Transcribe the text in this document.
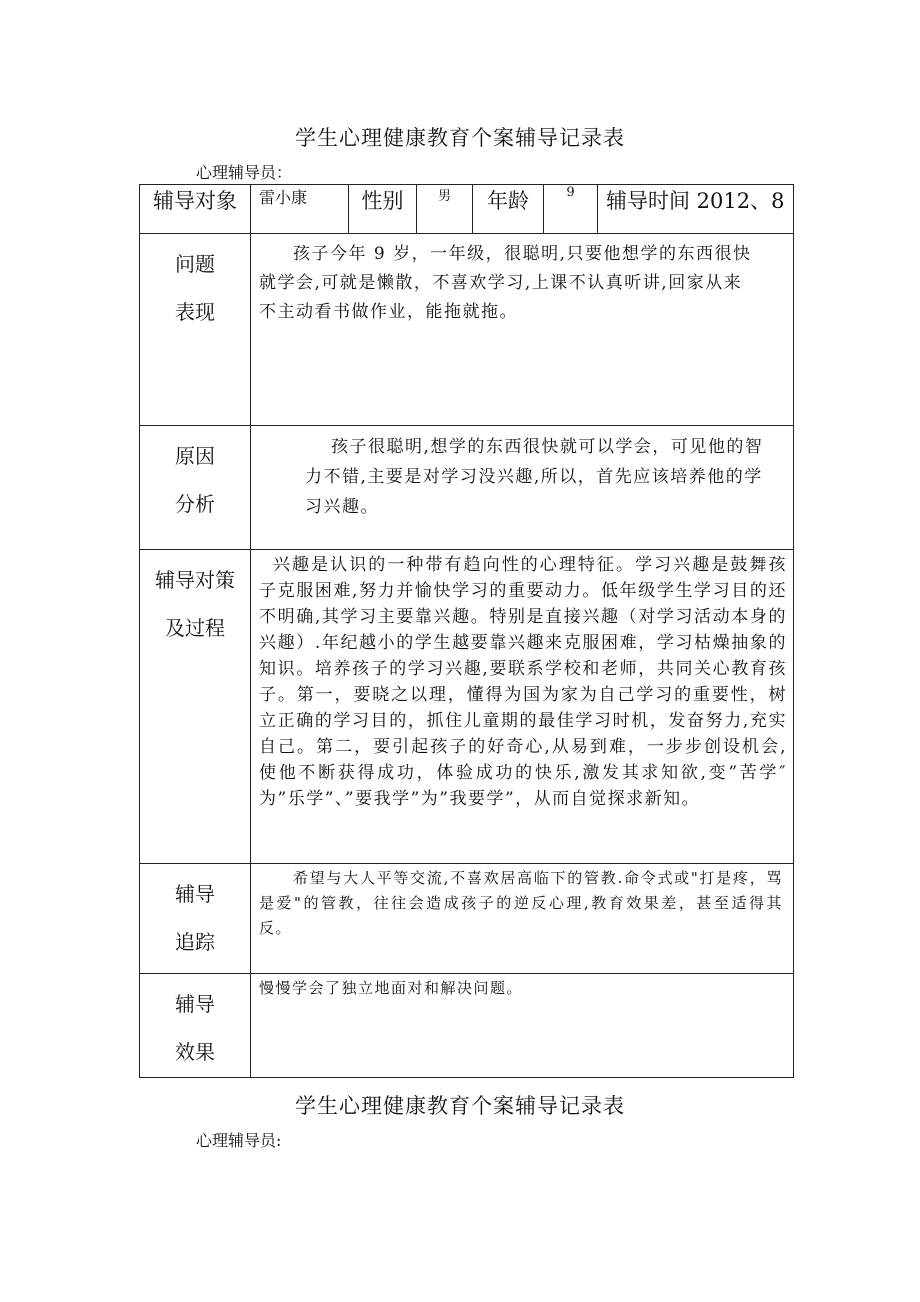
学生心理健康教育个案辅导记录表
心理辅导员：
辅导对象	雷小康	性别	男	年龄	9	辅导时间 2012、8

问题
表现	孩子今年 9 岁，一年级，很聪明,只要他想学的东西很快就学会,可就是懒散，不喜欢学习,上课不认真听讲,回家从来不主动看书做作业，能拖就拖。					

原因
分析	孩子很聪明,想学的东西很快就可以学会，可见他的智力不错,主要是对学习没兴趣,所以，首先应该培养他的学习兴趣。					

辅导对策
及过程	兴趣是认识的一种带有趋向性的心理特征。学习兴趣是鼓舞孩子克服困难,努力并愉快学习的重要动力。低年级学生学习目的还不明确,其学习主要靠兴趣。特别是直接兴趣（对学习活动本身的兴趣）.年纪越小的学生越要靠兴趣来克服困难，学习枯燥抽象的知识。培养孩子的学习兴趣,要联系学校和老师，共同关心教育孩子。第一，要晓之以理，懂得为国为家为自己学习的重要性，树立正确的学习目的，抓住儿童期的最佳学习时机，发奋努力,充实自己。第二，要引起孩子的好奇心,从易到难，一步步创设机会,使他不断获得成功，体验成功的快乐,激发其求知欲,变”苦学″为”乐学”、”要我学”为”我要学”，从而自觉探求新知。					

辅导
追踪	希望与大人平等交流,不喜欢居高临下的管教.命令式或"打是疼，骂是爱"的管教，往往会造成孩子的逆反心理,教育效果差，甚至适得其反。					

辅导
效果	慢慢学会了独立地面对和解决问题。					
学生心理健康教育个案辅导记录表
心理辅导员:
